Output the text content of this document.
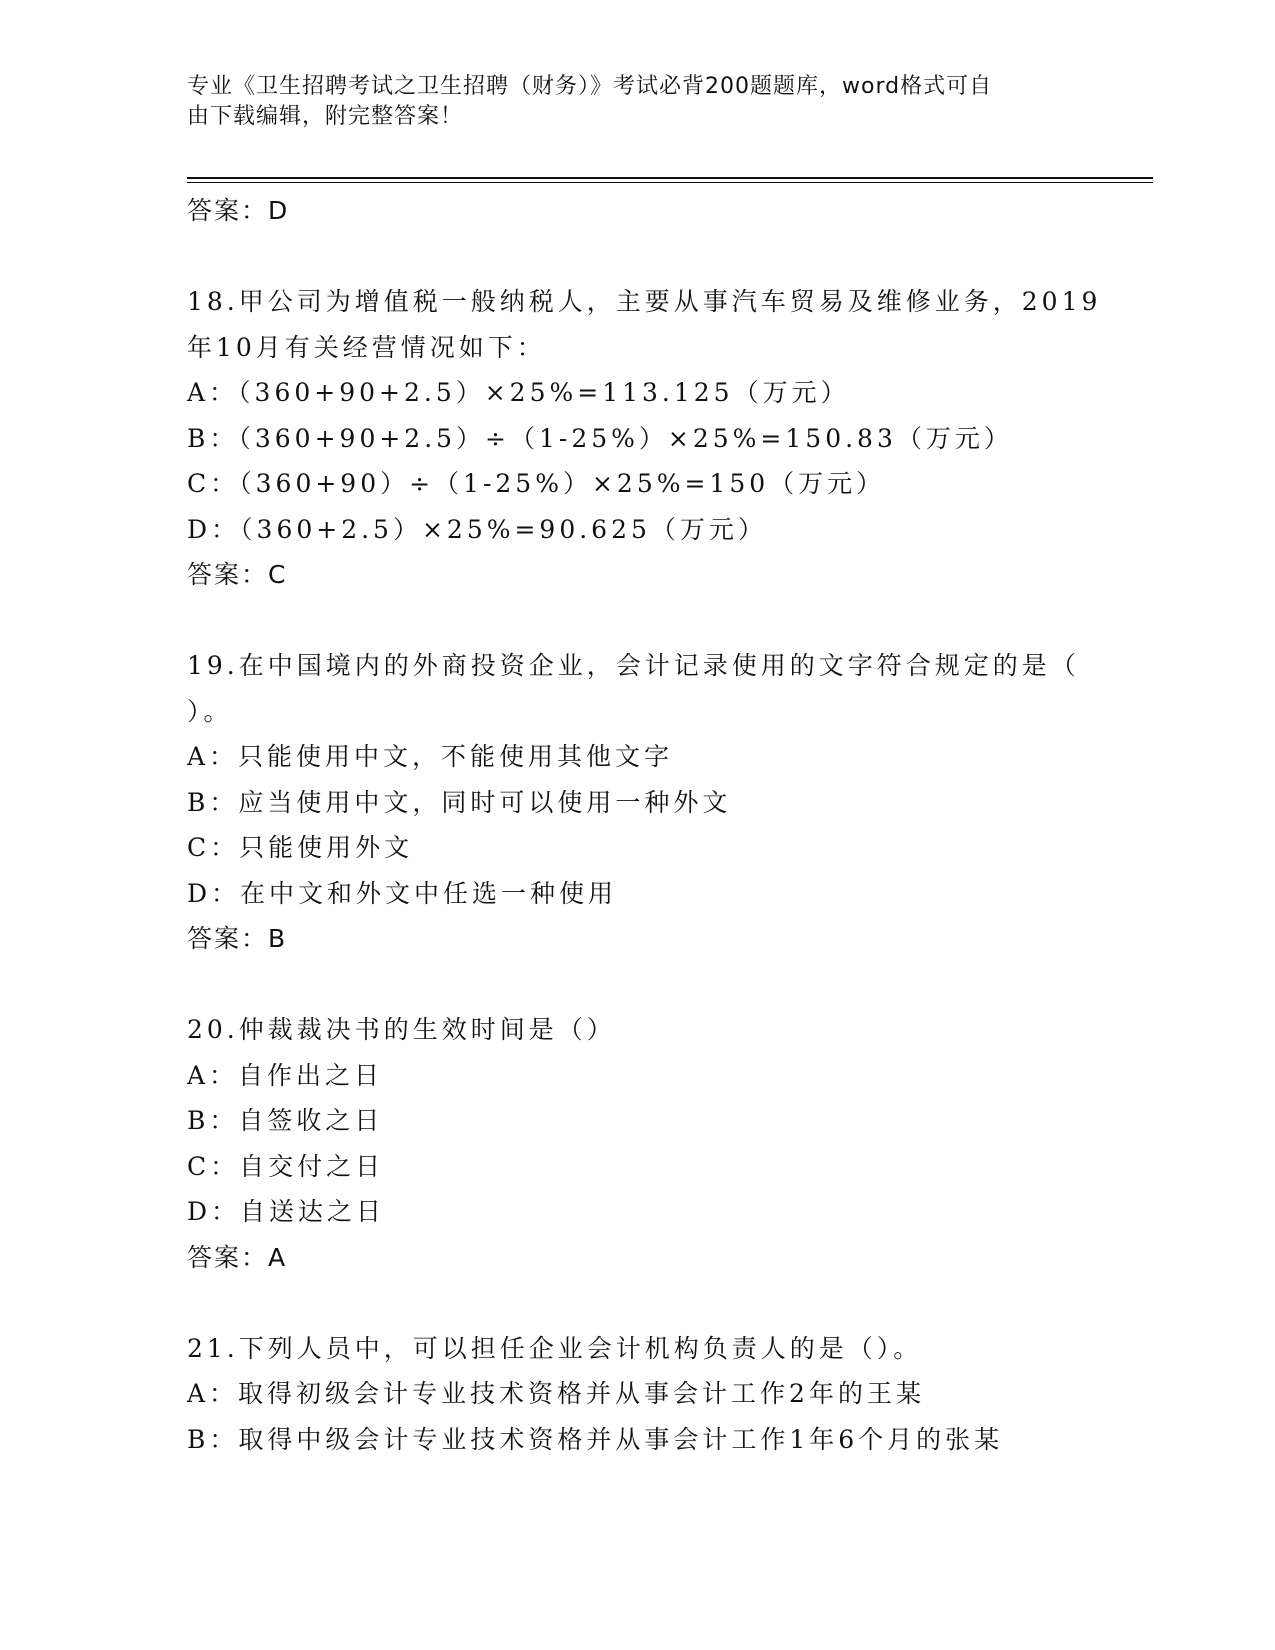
专业《卫生招聘考试之卫生招聘（财务）》考试必背200题题库，word格式可自
由下载编辑，附完整答案！
答案：D
18.甲公司为增值税一般纳税人，主要从事汽车贸易及维修业务，2019
年10月有关经营情况如下：
A：（360+90+2.5）×25%=113.125（万元）
B：（360+90+2.5）÷（1-25%）×25%=150.83（万元）
C：（360+90）÷（1-25%）×25%=150（万元）
D：（360+2.5）×25%=90.625（万元）
答案：C
19.在中国境内的外商投资企业，会计记录使用的文字符合规定的是（
）。
A：只能使用中文，不能使用其他文字
B：应当使用中文，同时可以使用一种外文
C：只能使用外文
D：在中文和外文中任选一种使用
答案：B
20.仲裁裁决书的生效时间是（）
A：自作出之日
B：自签收之日
C：自交付之日
D：自送达之日
答案：A
21.下列人员中，可以担任企业会计机构负责人的是（）。
A：取得初级会计专业技术资格并从事会计工作2年的王某
B：取得中级会计专业技术资格并从事会计工作1年6个月的张某
